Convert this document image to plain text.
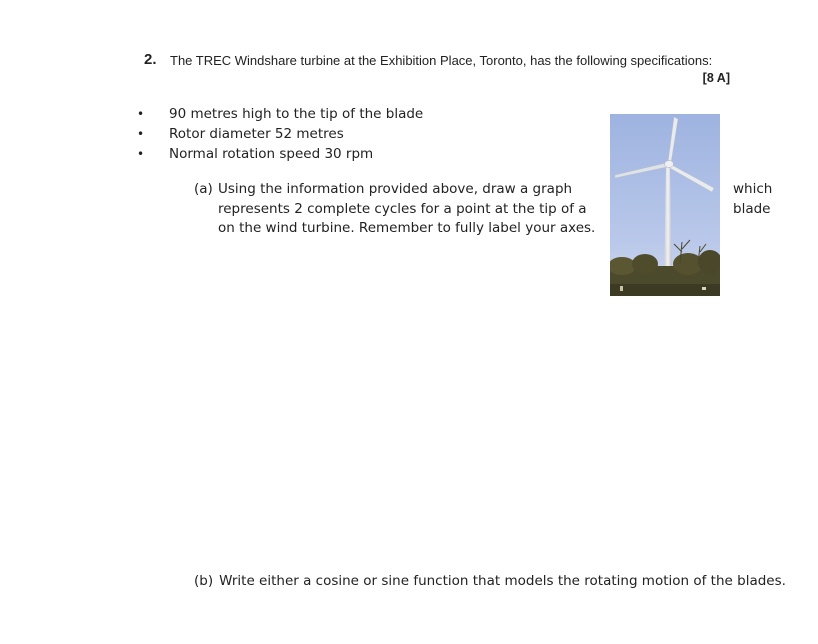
2. The TREC Windshare turbine at the Exhibition Place, Toronto, has the following specifications:
[8 A]
• 90 metres high to the tip of the blade
• Rotor diameter 52 metres
• Normal rotation speed 30 rpm
(a) Using the information provided above, draw a graph
represents 2 complete cycles for a point at the tip of a
on the wind turbine. Remember to fully label your axes.
which
blade
(b) Write either a cosine or sine function that models the rotating motion of the blades.
